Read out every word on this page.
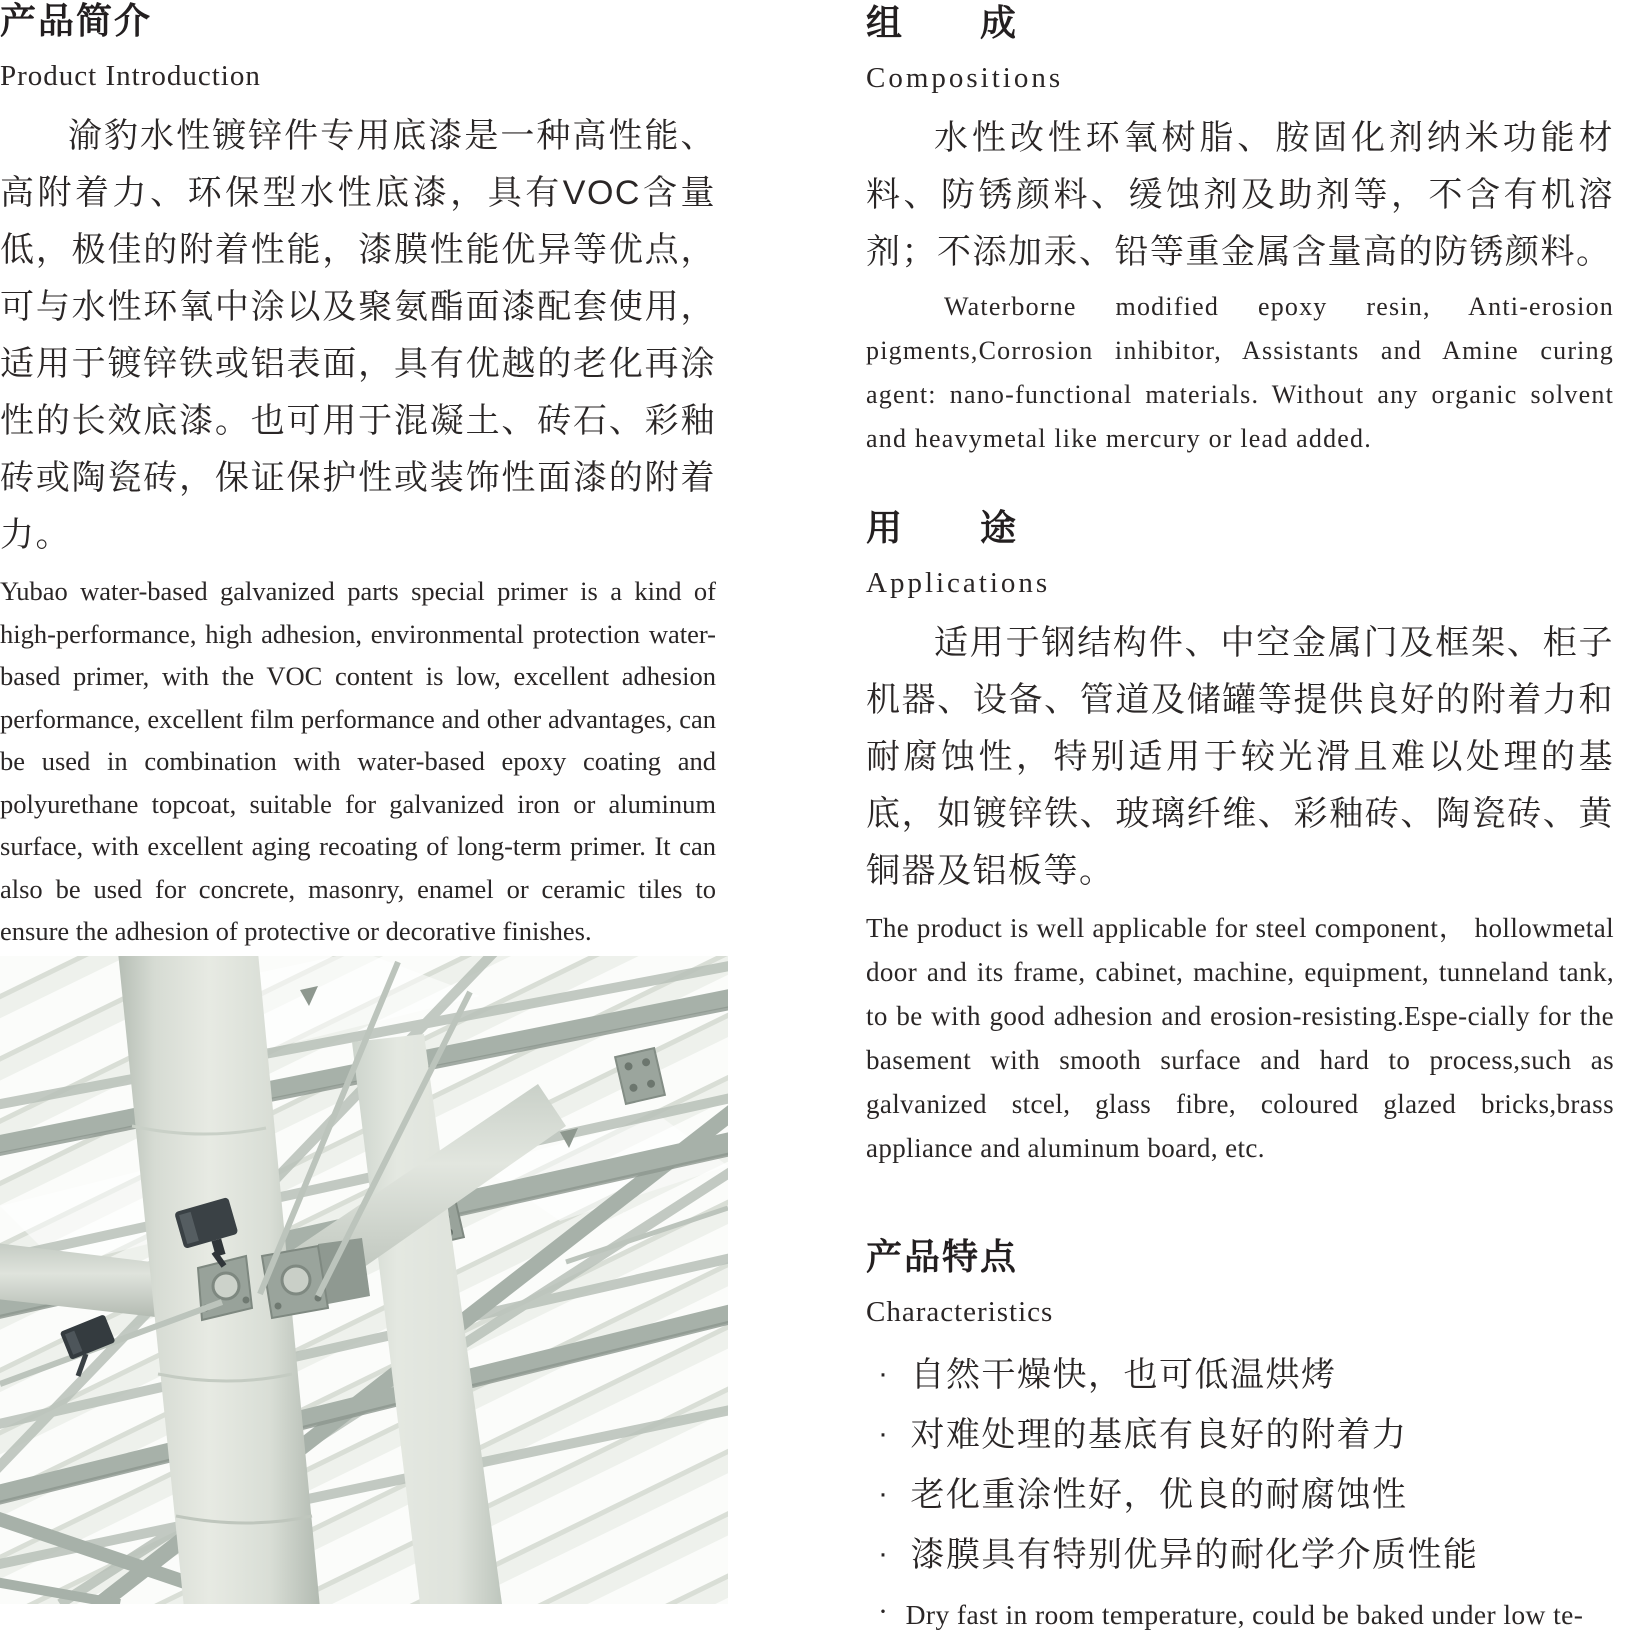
产品简介
Product Introduction

渝豹水性镀锌件专用底漆是一种高性能、高附着力、环保型水性底漆，具有VOC含量低，极佳的附着性能，漆膜性能优异等优点，可与水性环氧中涂以及聚氨酯面漆配套使用，适用于镀锌铁或铝表面，具有优越的老化再涂性的长效底漆。也可用于混凝土、砖石、彩釉砖或陶瓷砖，保证保护性或装饰性面漆的附着力。

Yubao water-based galvanized parts special primer is a kind of high-performance, high adhesion, environmental protection water-based primer, with the VOC content is low, excellent adhesion performance, excellent film performance and other advantages, can be used in combination with water-based epoxy coating and polyurethane topcoat, suitable for galvanized iron or aluminum surface, with excellent aging recoating of long-term primer. It can also be used for concrete, masonry, enamel or ceramic tiles to ensure the adhesion of protective or decorative finishes.

组　　成
Compositions

水性改性环氧树脂、胺固化剂纳米功能材料、防锈颜料、缓蚀剂及助剂等，不含有机溶剂；不添加汞、铅等重金属含量高的防锈颜料。

Waterborne modified epoxy resin, Anti-erosion pigments,Corrosion inhibitor, Assistants and Amine curing agent: nano-functional materials. Without any organic solvent and heavymetal like mercury or lead added.

用　　途
Applications

适用于钢结构件、中空金属门及框架、柜子机器、设备、管道及储罐等提供良好的附着力和耐腐蚀性，特别适用于较光滑且难以处理的基底，如镀锌铁、玻璃纤维、彩釉砖、陶瓷砖、黄铜器及铝板等。

The product is well applicable for steel component， hollowmetal door and its frame, cabinet, machine, equipment, tunneland tank, to be with good adhesion and erosion-resisting.Espe-cially for the basement with smooth surface and hard to process,such as galvanized stcel, glass fibre, coloured glazed bricks,brass appliance and aluminum board, etc.

产品特点
Characteristics
· 自然干燥快，也可低温烘烤
· 对难处理的基底有良好的附着力
· 老化重涂性好，优良的耐腐蚀性
· 漆膜具有特别优异的耐化学介质性能
· Dry fast in room temperature, could be baked under low te-
